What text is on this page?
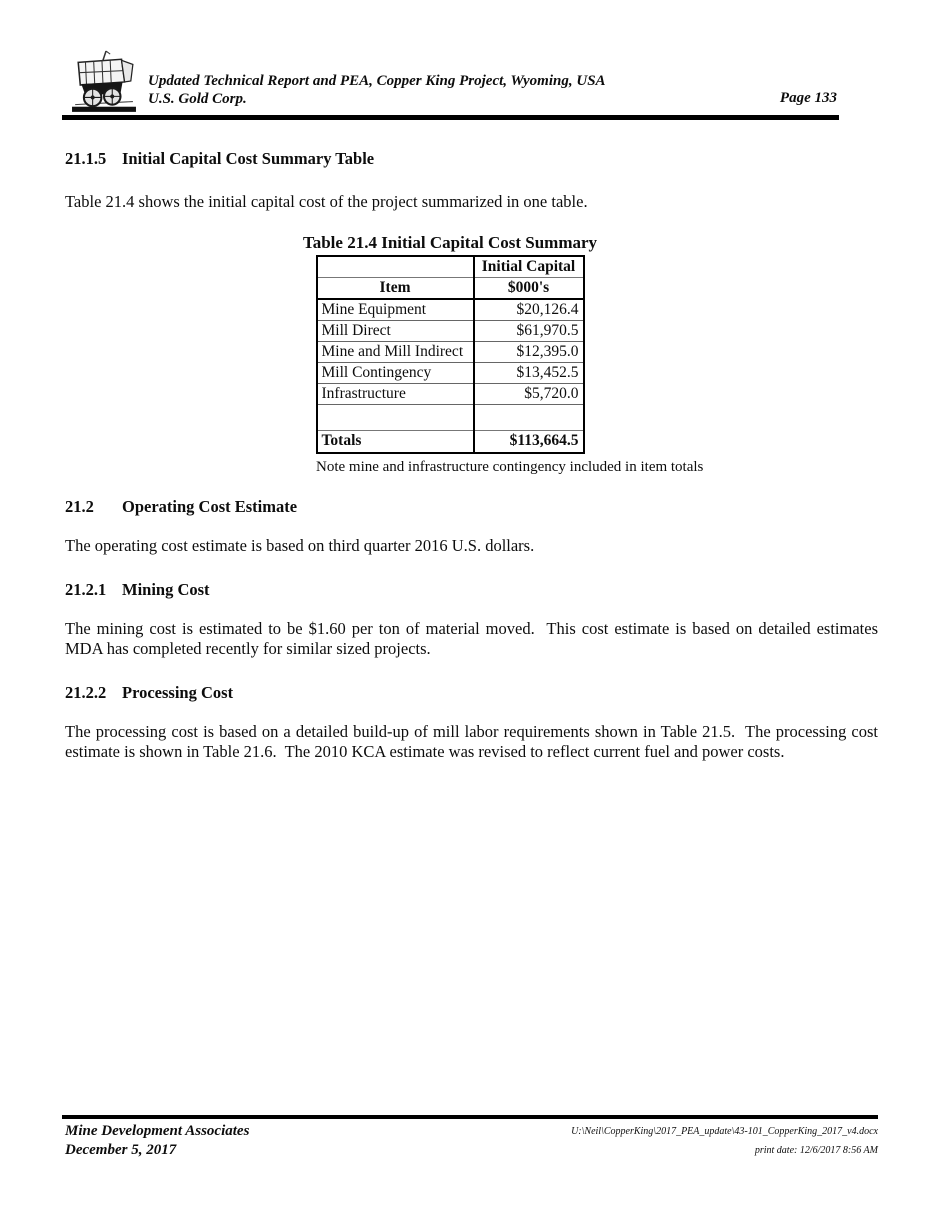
Updated Technical Report and PEA, Copper King Project, Wyoming, USA
U.S. Gold Corp.	Page 133
21.1.5 Initial Capital Cost Summary Table

Table 21.4 shows the initial capital cost of the project summarized in one table.

Table 21.4 Initial Capital Cost Summary
	Initial Capital
Item	$000's
Mine Equipment	$20,126.4
Mill Direct	$61,970.5
Mine and Mill Indirect	$12,395.0
Mill Contingency	$13,452.5
Infrastructure	$5,720.0

Totals	$113,664.5
Note mine and infrastructure contingency included in item totals
21.2 Operating Cost Estimate

The operating cost estimate is based on third quarter 2016 U.S. dollars.

21.2.1 Mining Cost

The mining cost is estimated to be $1.60 per ton of material moved.  This cost estimate is based on detailed estimates MDA has completed recently for similar sized projects.

21.2.2 Processing Cost

The processing cost is based on a detailed build-up of mill labor requirements shown in Table 21.5.  The processing cost estimate is shown in Table 21.6.  The 2010 KCA estimate was revised to reflect current fuel and power costs.

Mine Development Associates
December 5, 2017
U:\Neil\CopperKing\2017_PEA_update\43-101_CopperKing_2017_v4.docx
print date: 12/6/2017 8:56 AM
